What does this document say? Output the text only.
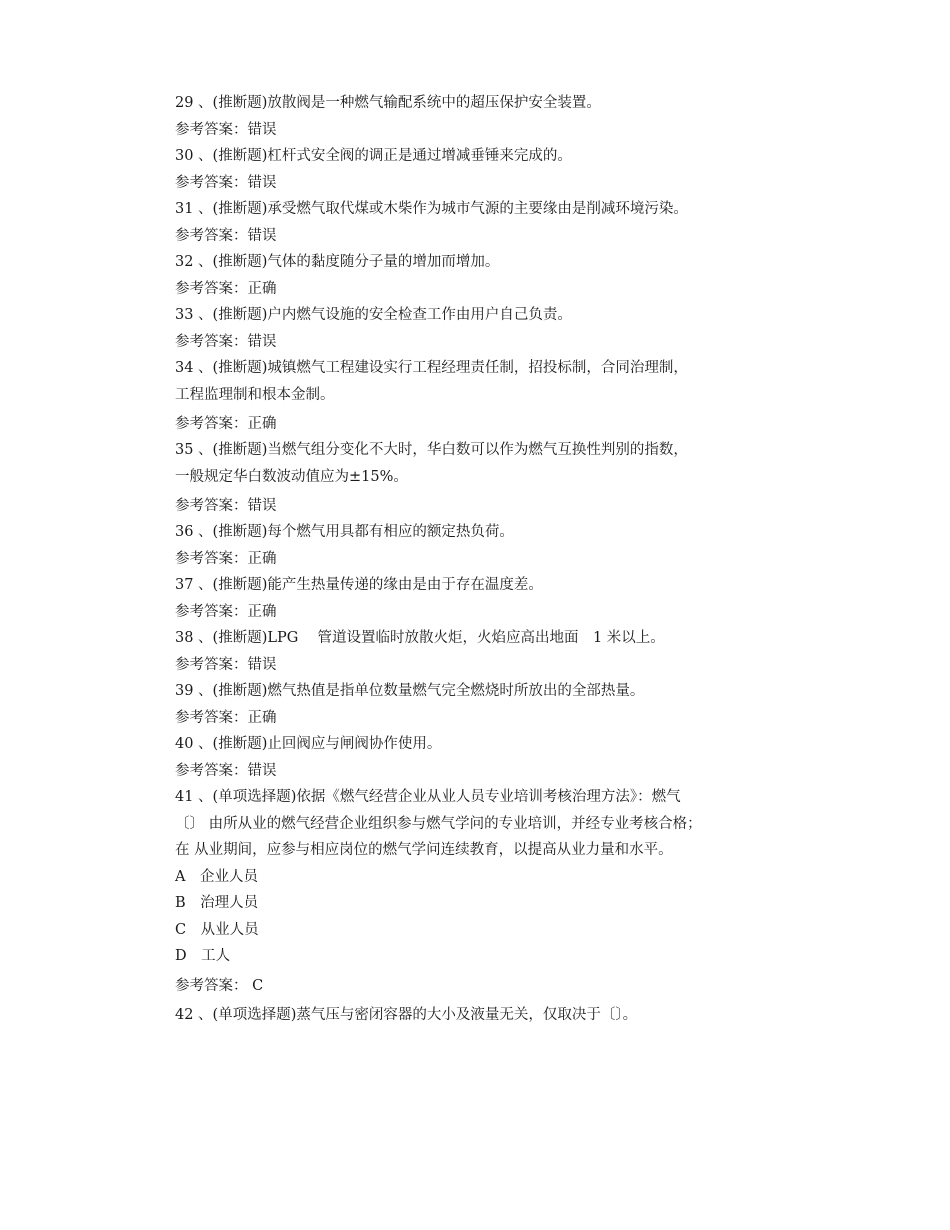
29 、(推断题)放散阀是一种燃气输配系统中的超压保护安全装置。

参考答案：错误

30 、(推断题)杠杆式安全阀的调正是通过增减垂锤来完成的。

参考答案：错误

31 、(推断题)承受燃气取代煤或木柴作为城市气源的主要缘由是削减环境污染。

参考答案：错误

32 、(推断题)气体的黏度随分子量的增加而增加。

参考答案：正确

33 、(推断题)户内燃气设施的安全检查工作由用户自己负责。

参考答案：错误

34 、(推断题)城镇燃气工程建设实行工程经理责任制，招投标制，合同治理制，

工程监理制和根本金制。

参考答案：正确

35 、(推断题)当燃气组分变化不大时，华白数可以作为燃气互换性判别的指数，

一般规定华白数波动值应为±15%。

参考答案：错误

36 、(推断题)每个燃气用具都有相应的额定热负荷。

参考答案：正确

37 、(推断题)能产生热量传递的缘由是由于存在温度差。

参考答案：正确

38 、(推断题)LPG　 管道设置临时放散火炬，火焰应高出地面　1 米以上。

参考答案：错误

39 、(推断题)燃气热值是指单位数量燃气完全燃烧时所放出的全部热量。

参考答案：正确

40 、(推断题)止回阀应与闸阀协作使用。

参考答案：错误

41 、(单项选择题)依据《燃气经营企业从业人员专业培训考核治理方法》：燃气

〔〕 由所从业的燃气经营企业组织参与燃气学问的专业培训，并经专业考核合格；

在 从业期间，应参与相应岗位的燃气学问连续教育，以提高从业力量和水平。

A　企业人员

B　治理人员

C　从业人员

D　工人

参考答案： C

42 、(单项选择题)蒸气压与密闭容器的大小及液量无关，仅取决于〔〕。
